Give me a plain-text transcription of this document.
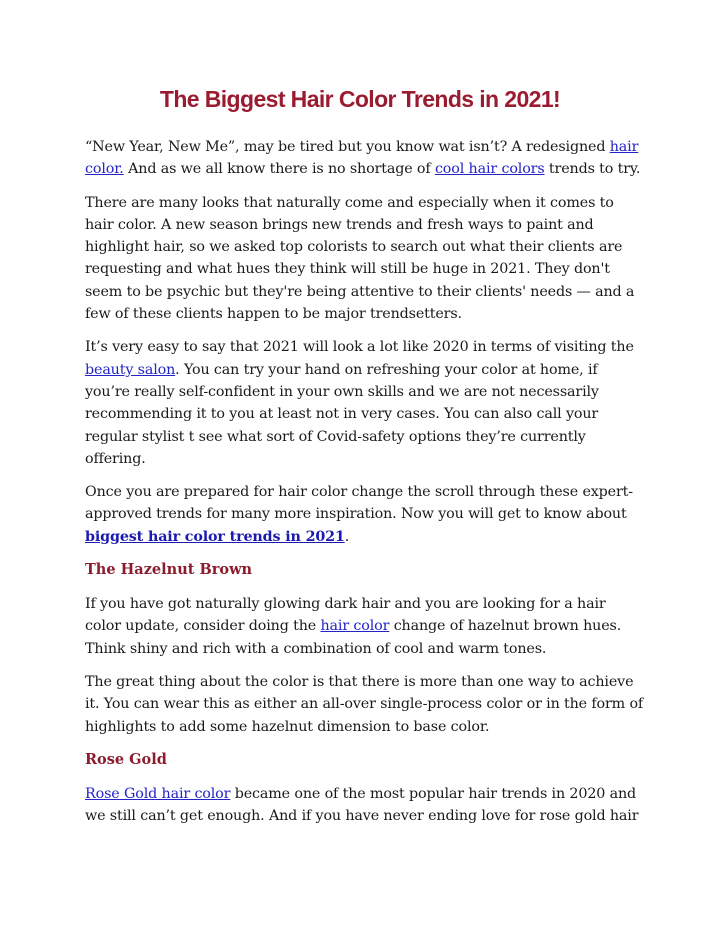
The Biggest Hair Color Trends in 2021!

“New Year, New Me”, may be tired but you know wat isn’t? A redesigned hair color. And as we all know there is no shortage of cool hair colors trends to try.

There are many looks that naturally come and especially when it comes to hair color. A new season brings new trends and fresh ways to paint and highlight hair, so we asked top colorists to search out what their clients are requesting and what hues they think will still be huge in 2021. They don't seem to be psychic but they're being attentive to their clients' needs — and a few of these clients happen to be major trendsetters.

It’s very easy to say that 2021 will look a lot like 2020 in terms of visiting the beauty salon. You can try your hand on refreshing your color at home, if you’re really self-confident in your own skills and we are not necessarily recommending it to you at least not in very cases. You can also call your regular stylist t see what sort of Covid-safety options they’re currently offering.

Once you are prepared for hair color change the scroll through these expert-approved trends for many more inspiration. Now you will get to know about biggest hair color trends in 2021.

The Hazelnut Brown

If you have got naturally glowing dark hair and you are looking for a hair color update, consider doing the hair color change of hazelnut brown hues. Think shiny and rich with a combination of cool and warm tones.

The great thing about the color is that there is more than one way to achieve it. You can wear this as either an all-over single-process color or in the form of highlights to add some hazelnut dimension to base color.

Rose Gold

Rose Gold hair color became one of the most popular hair trends in 2020 and we still can’t get enough. And if you have never ending love for rose gold hair
